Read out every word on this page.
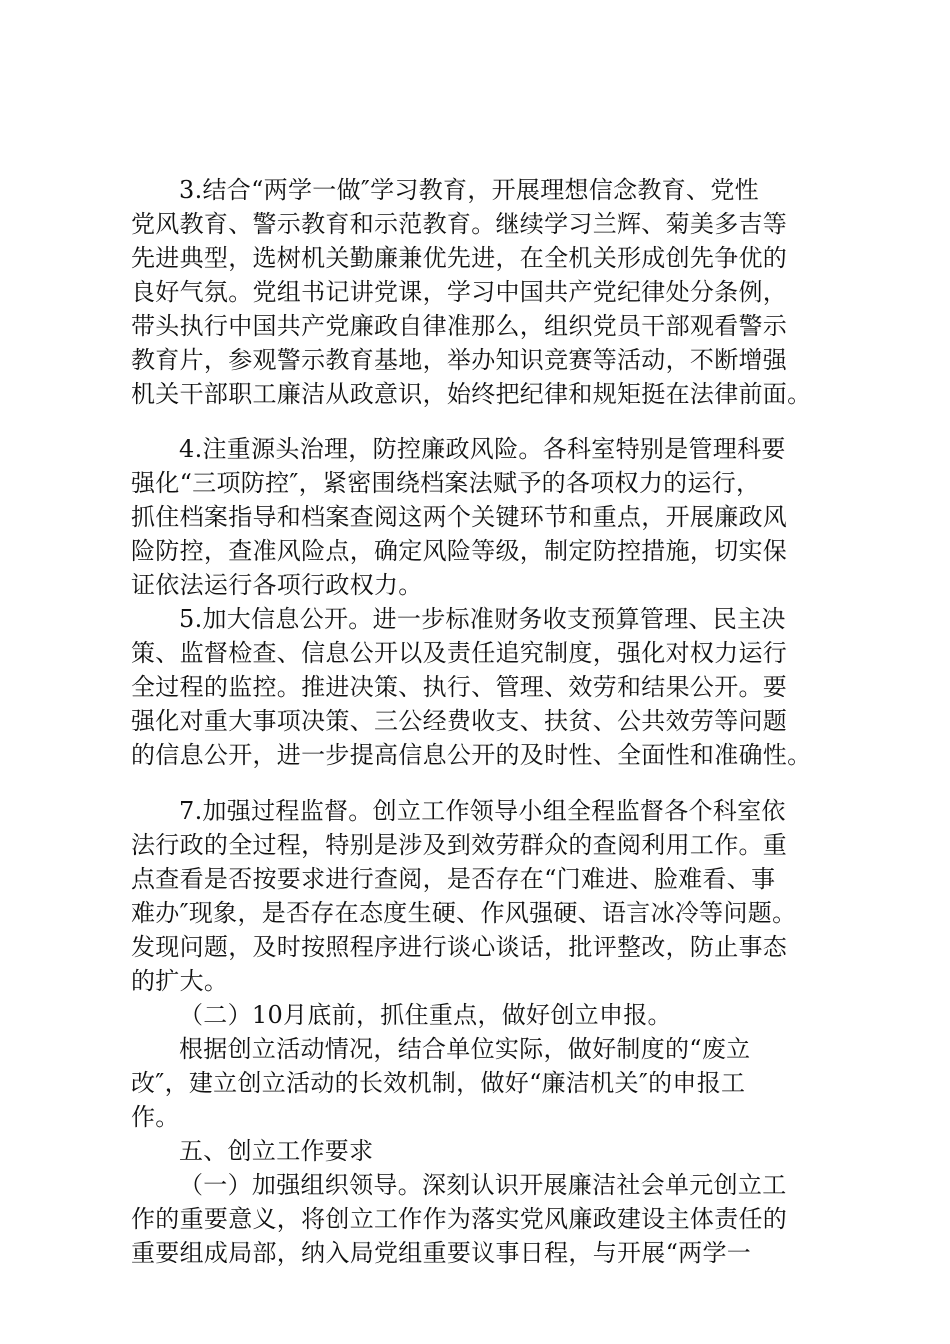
3.结合“两学一做″学习教育，开展理想信念教育、党性
党风教育、警示教育和示范教育。继续学习兰辉、菊美多吉等
先进典型，选树机关勤廉兼优先进，在全机关形成创先争优的
良好气氛。党组书记讲党课，学习中国共产党纪律处分条例，
带头执行中国共产党廉政自律准那么，组织党员干部观看警示
教育片，参观警示教育基地，举办知识竞赛等活动，不断增强
机关干部职工廉洁从政意识，始终把纪律和规矩挺在法律前面。
4.注重源头治理，防控廉政风险。各科室特别是管理科要
强化“三项防控″，紧密围绕档案法赋予的各项权力的运行，
抓住档案指导和档案查阅这两个关键环节和重点，开展廉政风
险防控，查准风险点，确定风险等级，制定防控措施，切实保
证依法运行各项行政权力。
5.加大信息公开。进一步标准财务收支预算管理、民主决
策、监督检查、信息公开以及责任追究制度，强化对权力运行
全过程的监控。推进决策、执行、管理、效劳和结果公开。要
强化对重大事项决策、三公经费收支、扶贫、公共效劳等问题
的信息公开，进一步提高信息公开的及时性、全面性和准确性。
7.加强过程监督。创立工作领导小组全程监督各个科室依
法行政的全过程，特别是涉及到效劳群众的查阅利用工作。重
点查看是否按要求进行查阅，是否存在“门难进、脸难看、事
难办″现象，是否存在态度生硬、作风强硬、语言冰冷等问题。
发现问题，及时按照程序进行谈心谈话，批评整改，防止事态
的扩大。
（二）10月底前，抓住重点，做好创立申报。
根据创立活动情况，结合单位实际，做好制度的“废立
改″，建立创立活动的长效机制，做好“廉洁机关″的申报工
作。
五、创立工作要求
（一）加强组织领导。深刻认识开展廉洁社会单元创立工
作的重要意义，将创立工作作为落实党风廉政建设主体责任的
重要组成局部，纳入局党组重要议事日程，与开展“两学一
